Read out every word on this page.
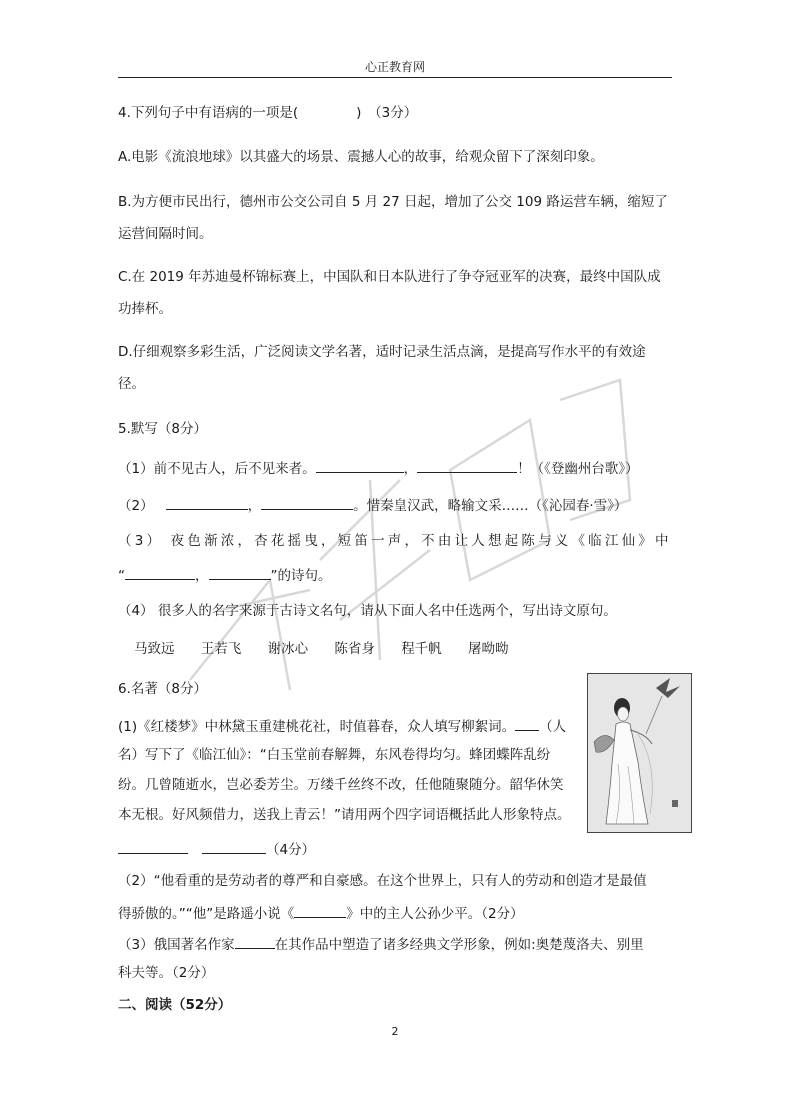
心正教育网
4.下列句子中有语病的一项是(	)　（3分）
A.电影《流浪地球》以其盛大的场景、震撼人心的故事，给观众留下了深刻印象。
B.为方便市民出行，德州市公交公司自 5 月 27 日起，增加了公交 109 路运营车辆，缩短了
运营间隔时间。
C.在 2019 年苏迪曼杯锦标赛上，中国队和日本队进行了争夺冠亚军的决赛，最终中国队成
功捧杯。
D.仔细观察多彩生活，广泛阅读文学名著，适时记录生活点滴，是提高写作水平的有效途
径。
5.默写（8分）
（1）前不见古人，后不见来者。	，	！（《登幽州台歌》）
（2）	，	。惜秦皇汉武，略输文采……（《沁园春·雪》）
（3） 夜色渐浓，杏花摇曳，短笛一声，不由让人想起陈与义《临江仙》中
“	，	”的诗句。
（4） 很多人的名字来源于古诗文名句，请从下面人名中任选两个，写出诗文原句。
马致远 王若飞 谢冰心 陈省身 程千帆 屠呦呦
6.名著（8分）
(1)《红楼梦》中林黛玉重建桃花社，时值暮春，众人填写柳絮词。 （人
名）写下了《临江仙》：“白玉堂前春解舞，东风卷得均匀。蜂团蝶阵乱纷
纷。几曾随逝水，岂必委芳尘。万缕千丝终不改，任他随聚随分。韶华休笑
本无根。好风频借力，送我上青云！”请用两个四字词语概括此人形象特点。
（4分）
（2）“他看重的是劳动者的尊严和自豪感。在这个世界上，只有人的劳动和创造才是最值
得骄傲的。”“他”是路遥小说《	》中的主人公孙少平。（2分）
（3）俄国著名作家	在其作品中塑造了诸多经典文学形象，例如:奥楚蔑洛夫、别里
科夫等。（2分）
二、阅读（52分）
2
